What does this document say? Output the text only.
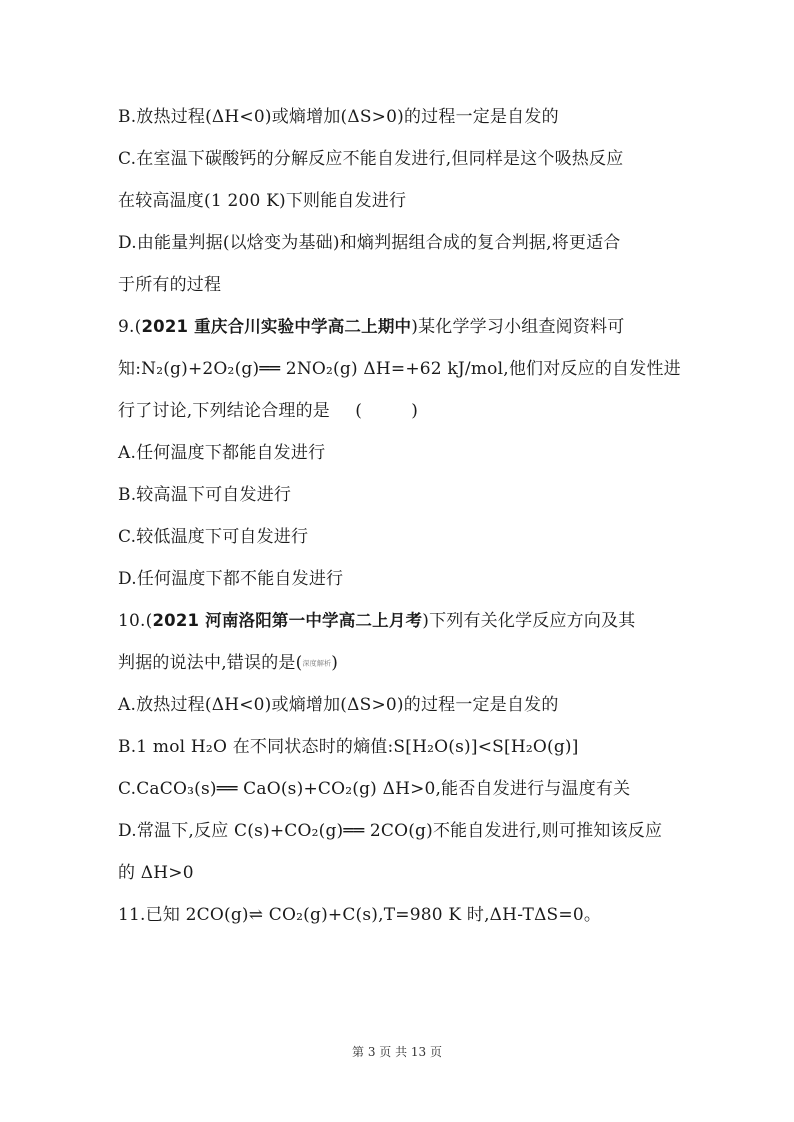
B.放热过程(ΔH<0)或熵增加(ΔS>0)的过程一定是自发的
C.在室温下碳酸钙的分解反应不能自发进行,但同样是这个吸热反应
在较高温度(1 200 K)下则能自发进行
D.由能量判据(以焓变为基础)和熵判据组合成的复合判据,将更适合
于所有的过程
9.(2021 重庆合川实验中学高二上期中)某化学学习小组查阅资料可
知:N₂(g)+2O₂(g)══ 2NO₂(g) ΔH=+62 kJ/mol,他们对反应的自发性进
行了讨论,下列结论合理的是 (	)
A.任何温度下都能自发进行
B.较高温下可自发进行
C.较低温度下可自发进行
D.任何温度下都不能自发进行
10.(2021 河南洛阳第一中学高二上月考)下列有关化学反应方向及其
判据的说法中,错误的是(深度解析)
A.放热过程(ΔH<0)或熵增加(ΔS>0)的过程一定是自发的
B.1 mol H₂O 在不同状态时的熵值:S[H₂O(s)]<S[H₂O(g)]
C.CaCO₃(s)══ CaO(s)+CO₂(g) ΔH>0,能否自发进行与温度有关
D.常温下,反应 C(s)+CO₂(g)══ 2CO(g)不能自发进行,则可推知该反应
的 ΔH>0
11.已知 2CO(g)⇌ CO₂(g)+C(s),T=980 K 时,ΔH-TΔS=0。
第 3 页 共 13 页
